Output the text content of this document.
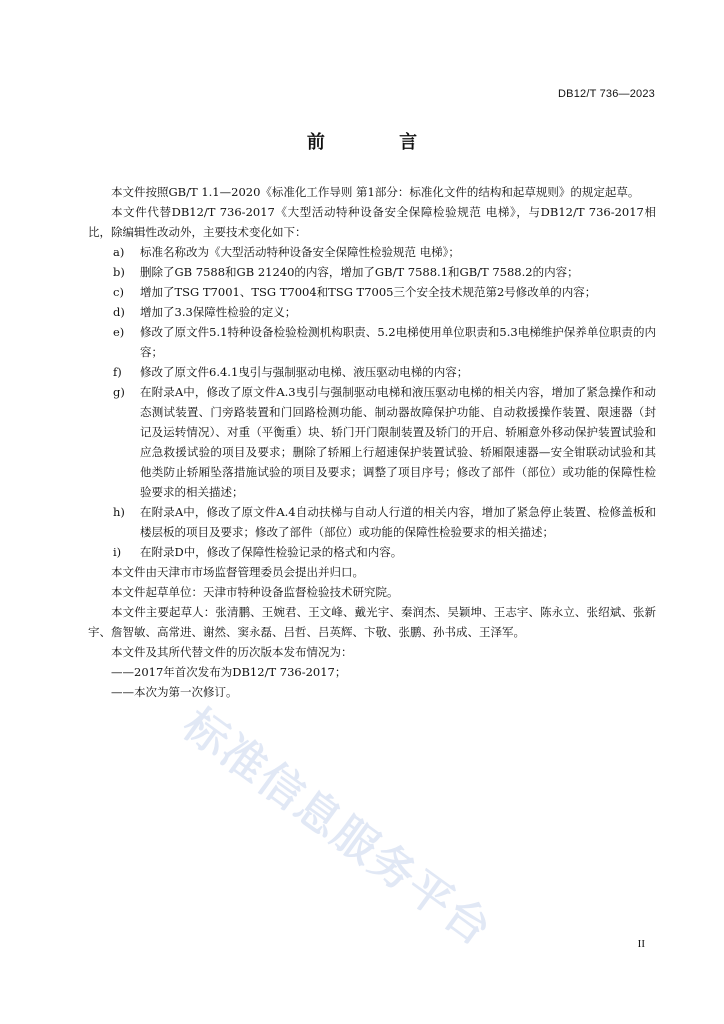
DB12/T 736—2023
前 言

本文件按照GB/T 1.1—2020《标准化工作导则 第1部分：标准化文件的结构和起草规则》的规定起草。

本文件代替DB12/T 736-2017《大型活动特种设备安全保障检验规范 电梯》，与DB12/T 736-2017相比，除编辑性改动外，主要技术变化如下：

a)	标准名称改为《大型活动特种设备安全保障性检验规范 电梯》；
b)	删除了GB 7588和GB 21240的内容，增加了GB/T 7588.1和GB/T 7588.2的内容；
c)	增加了TSG T7001、TSG T7004和TSG T7005三个安全技术规范第2号修改单的内容；
d)	增加了3.3保障性检验的定义；
e)	修改了原文件5.1特种设备检验检测机构职责、5.2电梯使用单位职责和5.3电梯维护保养单位职责的内容；
f)	修改了原文件6.4.1曳引与强制驱动电梯、液压驱动电梯的内容；
g)	在附录A中，修改了原文件A.3曳引与强制驱动电梯和液压驱动电梯的相关内容，增加了紧急操作和动态测试装置、门旁路装置和门回路检测功能、制动器故障保护功能、自动救援操作装置、限速器（封记及运转情况）、对重（平衡重）块、轿门开门限制装置及轿门的开启、轿厢意外移动保护装置试验和应急救援试验的项目及要求；删除了轿厢上行超速保护装置试验、轿厢限速器—安全钳联动试验和其他类防止轿厢坠落措施试验的项目及要求；调整了项目序号；修改了部件（部位）或功能的保障性检验要求的相关描述；
h)	在附录A中，修改了原文件A.4自动扶梯与自动人行道的相关内容，增加了紧急停止装置、检修盖板和楼层板的项目及要求；修改了部件（部位）或功能的保障性检验要求的相关描述；
i)	在附录D中，修改了保障性检验记录的格式和内容。

本文件由天津市市场监督管理委员会提出并归口。

本文件起草单位：天津市特种设备监督检验技术研究院。

本文件主要起草人：张清鹏、王婉君、王文峰、戴光宇、秦润杰、吴颖坤、王志宇、陈永立、张绍斌、张新宇、詹智敏、高常进、谢然、窦永磊、吕哲、吕英辉、卞敬、张鹏、孙书成、王泽军。

本文件及其所代替文件的历次版本发布情况为：

——2017年首次发布为DB12/T 736-2017；

——本次为第一次修订。

标准信息服务平台	II
